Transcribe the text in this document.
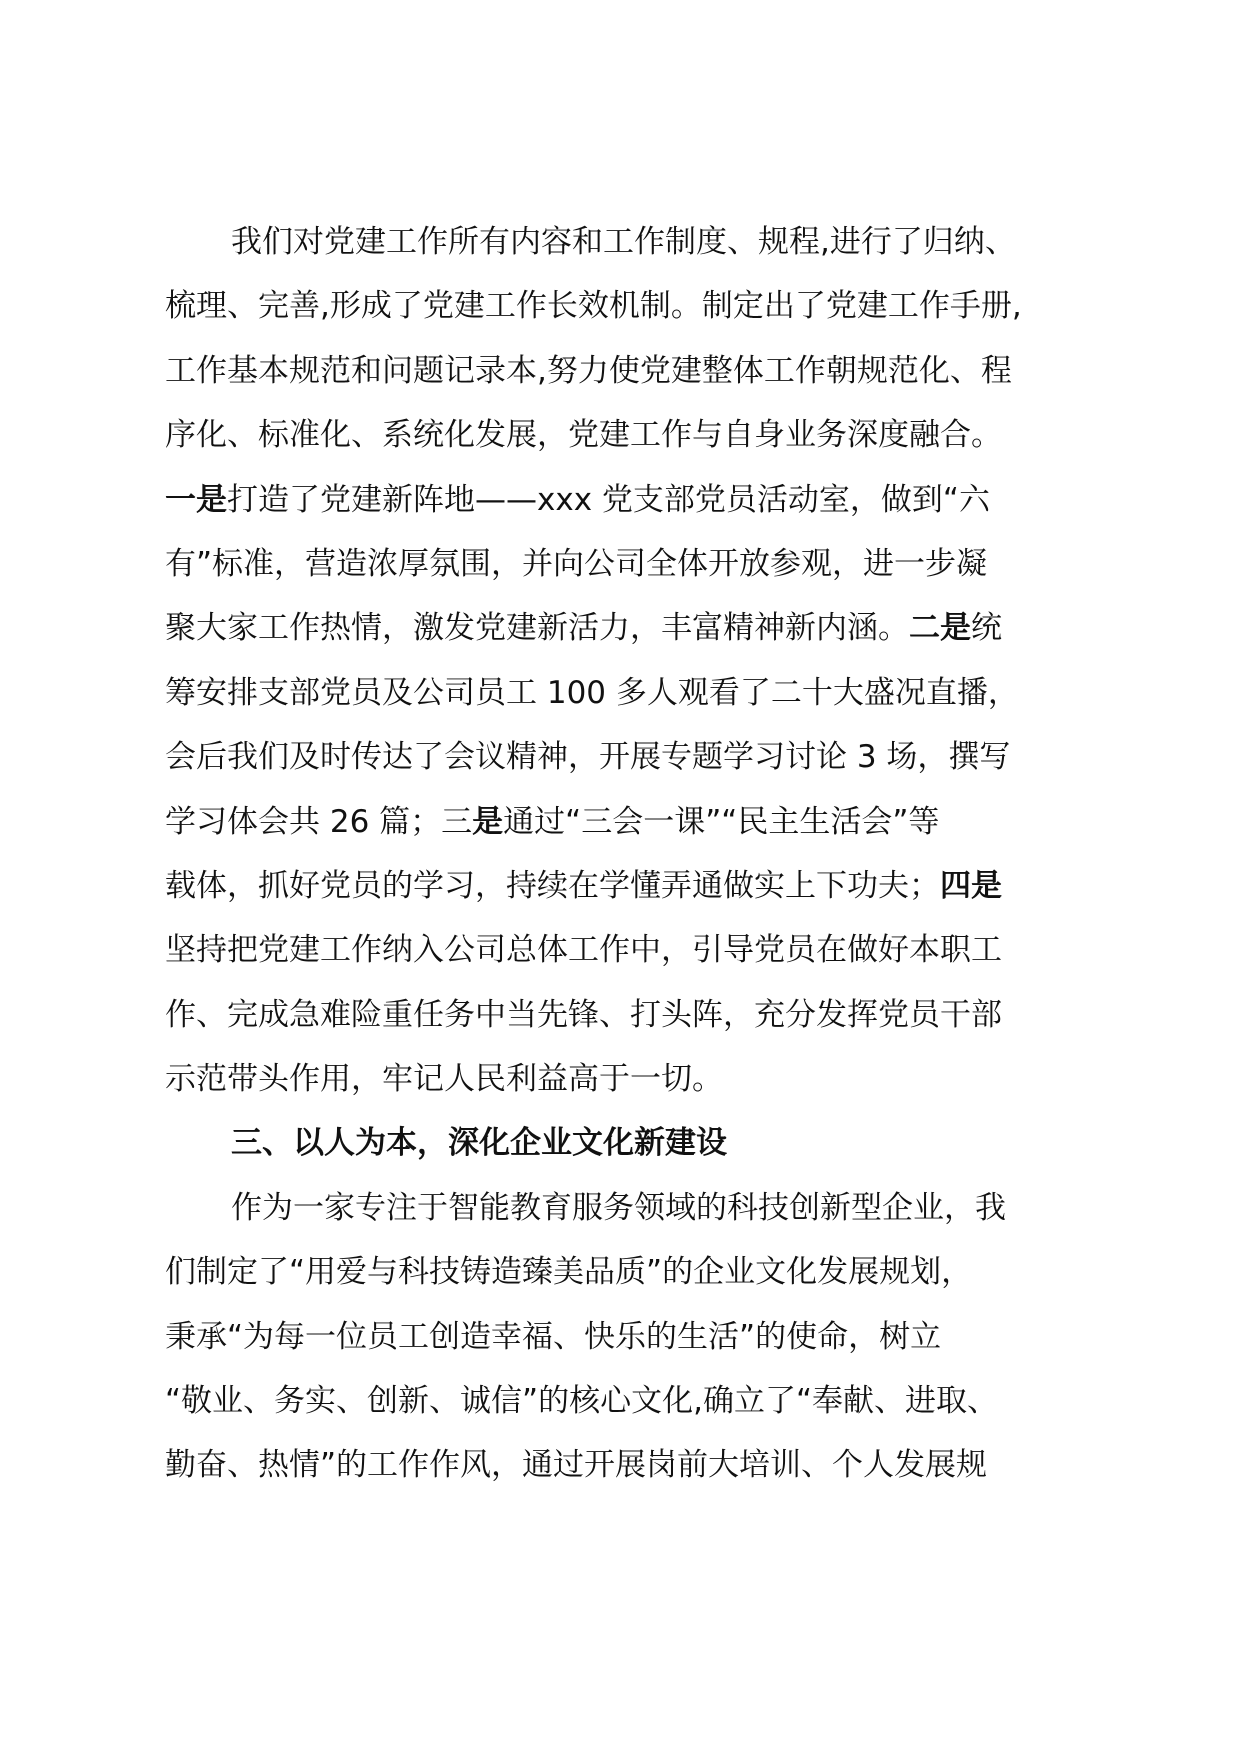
我们对党建工作所有内容和工作制度、规程,进行了归纳、
梳理、完善,形成了党建工作长效机制。制定出了党建工作手册,
工作基本规范和问题记录本,努力使党建整体工作朝规范化、程
序化、标准化、系统化发展，党建工作与自身业务深度融合。
一是打造了党建新阵地——xxx 党支部党员活动室，做到“六
有”标准，营造浓厚氛围，并向公司全体开放参观，进一步凝
聚大家工作热情，激发党建新活力，丰富精神新内涵。二是统
筹安排支部党员及公司员工 100 多人观看了二十大盛况直播，
会后我们及时传达了会议精神，开展专题学习讨论 3 场，撰写
学习体会共 26 篇；三是通过“三会一课”“民主生活会”等
载体，抓好党员的学习，持续在学懂弄通做实上下功夫；四是
坚持把党建工作纳入公司总体工作中，引导党员在做好本职工
作、完成急难险重任务中当先锋、打头阵，充分发挥党员干部
示范带头作用，牢记人民利益高于一切。
三、以人为本，深化企业文化新建设
作为一家专注于智能教育服务领域的科技创新型企业，我
们制定了“用爱与科技铸造臻美品质”的企业文化发展规划，
秉承“为每一位员工创造幸福、快乐的生活”的使命，树立
“敬业、务实、创新、诚信”的核心文化,确立了“奉献、进取、
勤奋、热情”的工作作风，通过开展岗前大培训、个人发展规
